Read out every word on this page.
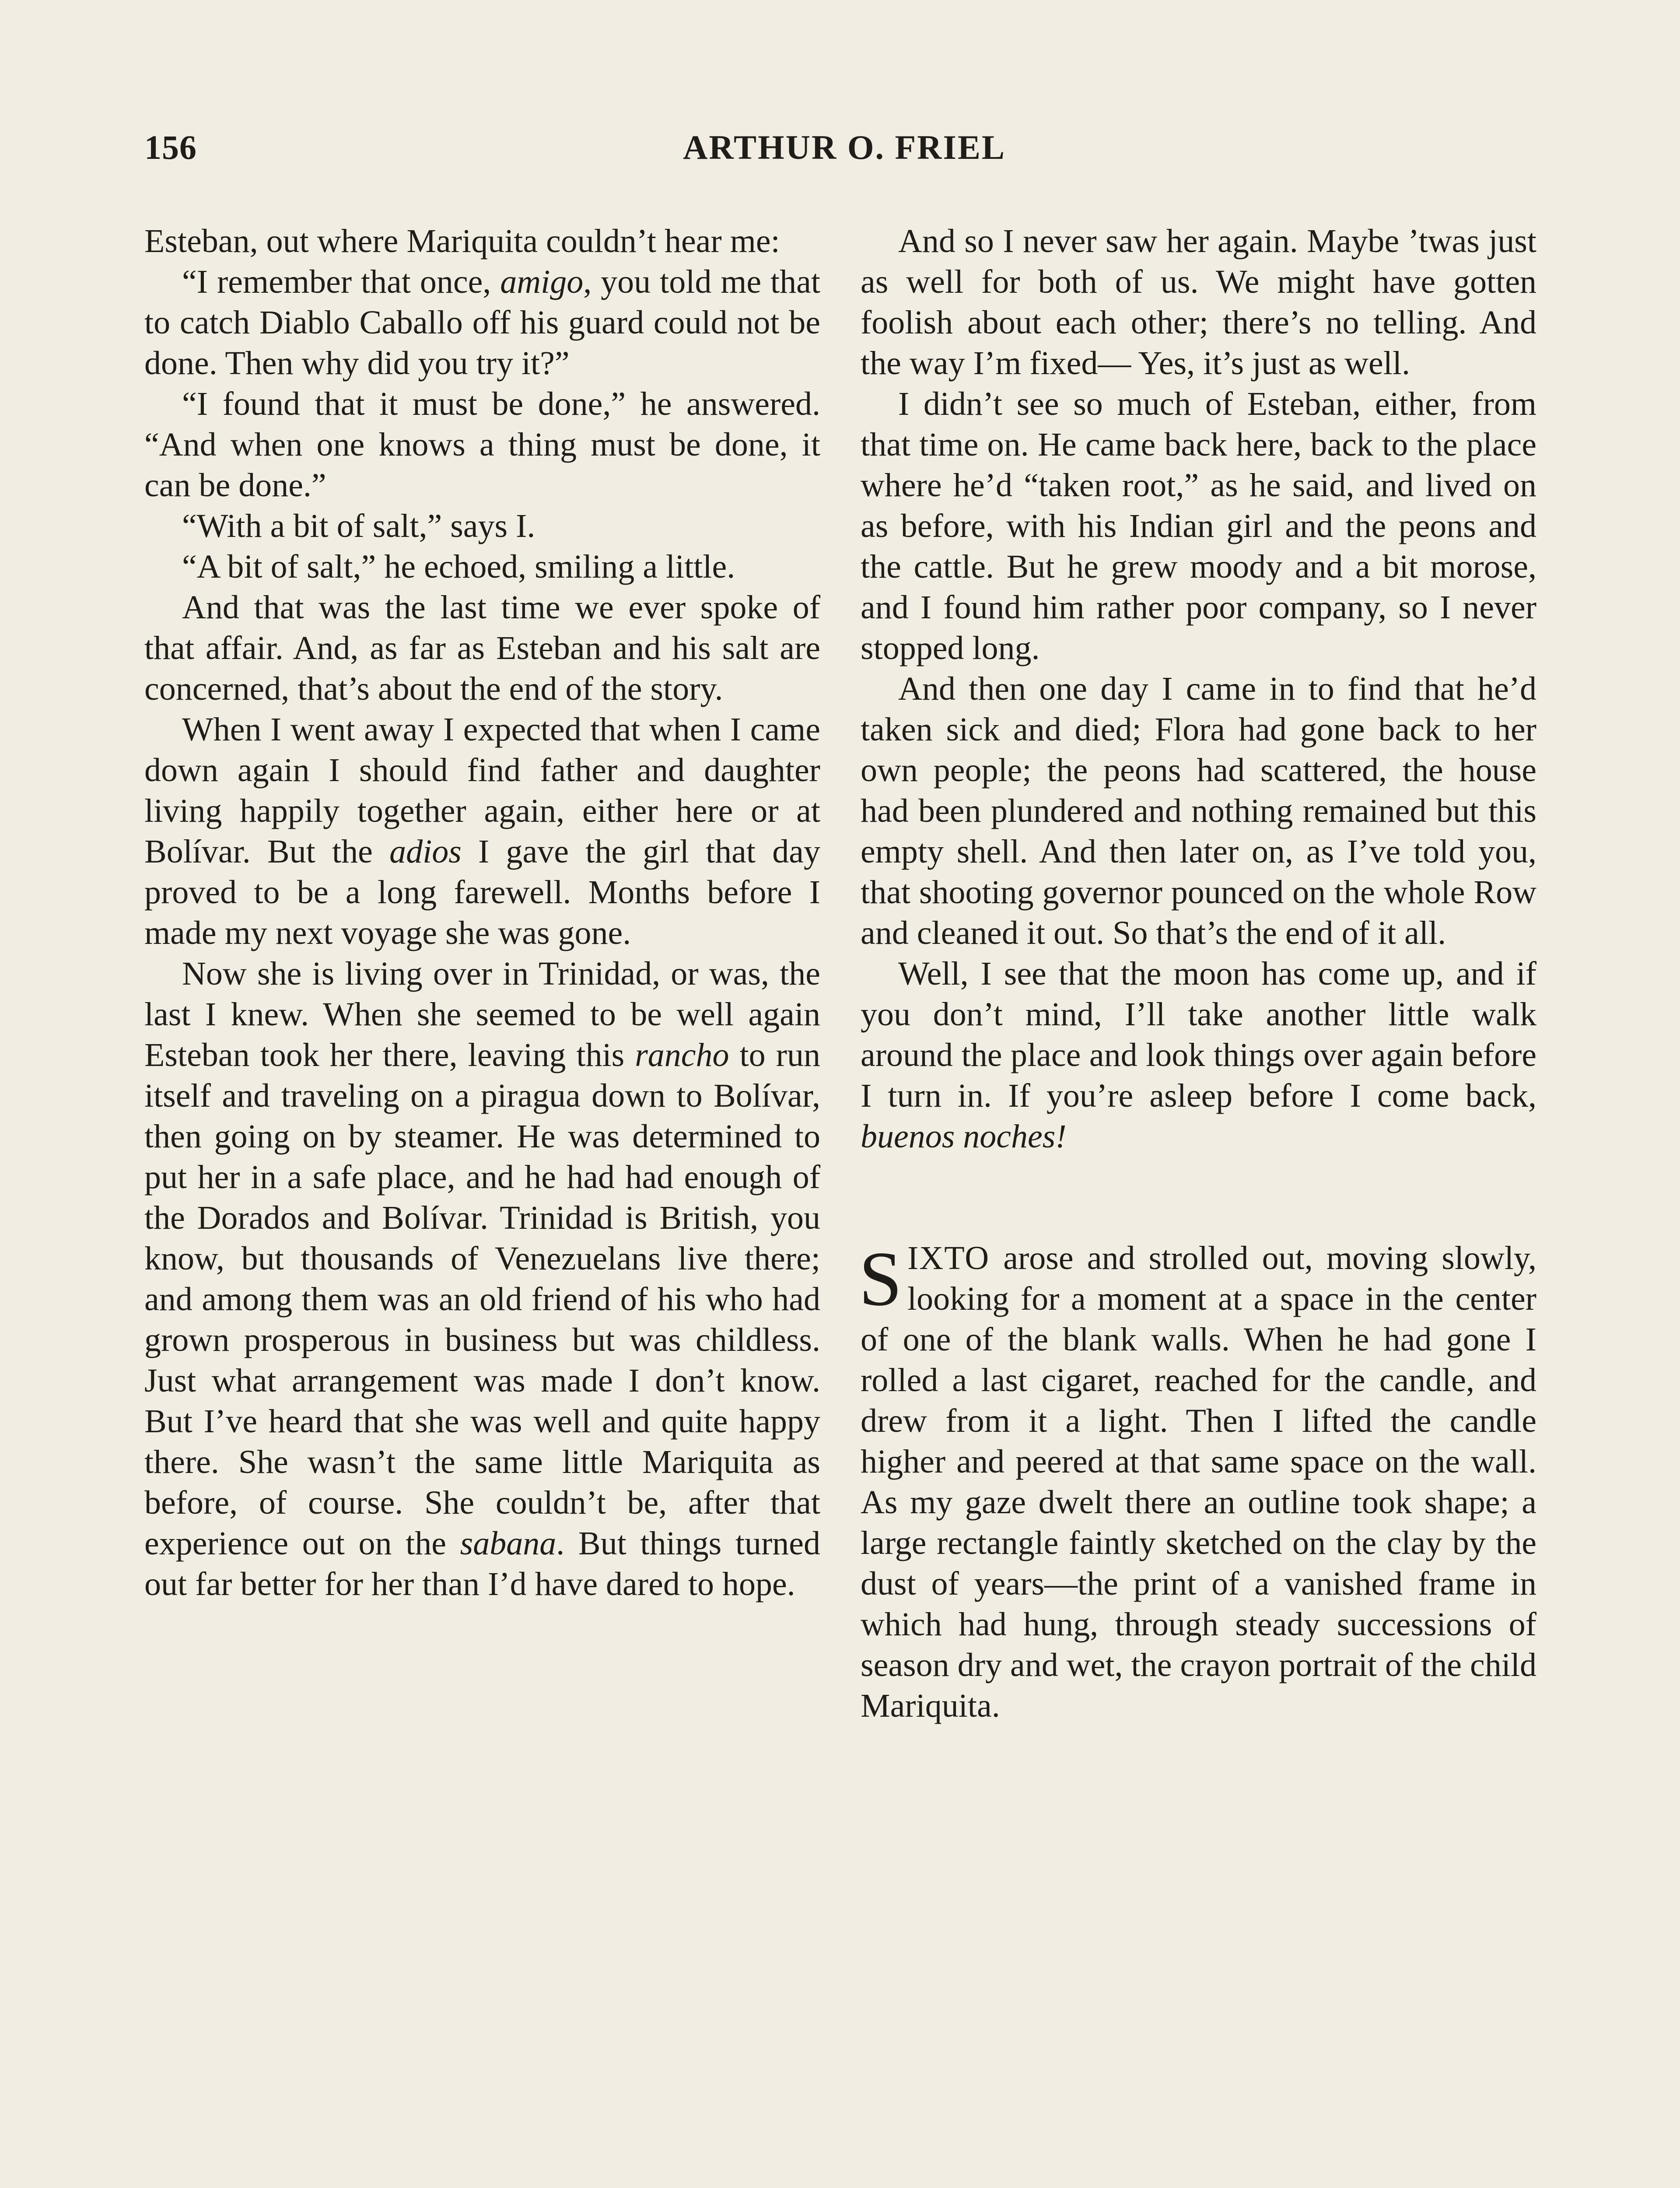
156	ARTHUR O. FRIEL

Esteban, out where Mariquita couldn’t hear me:

“I remember that once, amigo, you told me that to catch Diablo Caballo off his guard could not be done. Then why did you try it?”

“I found that it must be done,” he answered. “And when one knows a thing must be done, it can be done.”

“With a bit of salt,” says I.

“A bit of salt,” he echoed, smiling a little.

And that was the last time we ever spoke of that affair. And, as far as Esteban and his salt are concerned, that’s about the end of the story.

When I went away I expected that when I came down again I should find father and daughter living happily together again, either here or at Bolívar. But the adios I gave the girl that day proved to be a long farewell. Months before I made my next voyage she was gone.

Now she is living over in Trinidad, or was, the last I knew. When she seemed to be well again Esteban took her there, leaving this rancho to run itself and traveling on a piragua down to Bolívar, then going on by steamer. He was determined to put her in a safe place, and he had had enough of the Dorados and Bolívar. Trinidad is British, you know, but thousands of Venezuelans live there; and among them was an old friend of his who had grown prosperous in business but was childless. Just what arrangement was made I don’t know. But I’ve heard that she was well and quite happy there. She wasn’t the same little Mariquita as before, of course. She couldn’t be, after that experience out on the sabana. But things turned out far better for her than I’d have dared to hope.

And so I never saw her again. Maybe ’twas just as well for both of us. We might have gotten foolish about each other; there’s no telling. And the way I’m fixed— Yes, it’s just as well.

I didn’t see so much of Esteban, either, from that time on. He came back here, back to the place where he’d “taken root,” as he said, and lived on as before, with his Indian girl and the peons and the cattle. But he grew moody and a bit morose, and I found him rather poor company, so I never stopped long.

And then one day I came in to find that he’d taken sick and died; Flora had gone back to her own people; the peons had scattered, the house had been plundered and nothing remained but this empty shell. And then later on, as I’ve told you, that shooting governor pounced on the whole Row and cleaned it out. So that’s the end of it all.

Well, I see that the moon has come up, and if you don’t mind, I’ll take another little walk around the place and look things over again before I turn in. If you’re asleep before I come back, buenos noches!

SIXTO arose and strolled out, moving slowly, looking for a moment at a space in the center of one of the blank walls. When he had gone I rolled a last cigaret, reached for the candle, and drew from it a light. Then I lifted the candle higher and peered at that same space on the wall. As my gaze dwelt there an outline took shape; a large rectangle faintly sketched on the clay by the dust of years—the print of a vanished frame in which had hung, through steady successions of season dry and wet, the crayon portrait of the child Mariquita.
